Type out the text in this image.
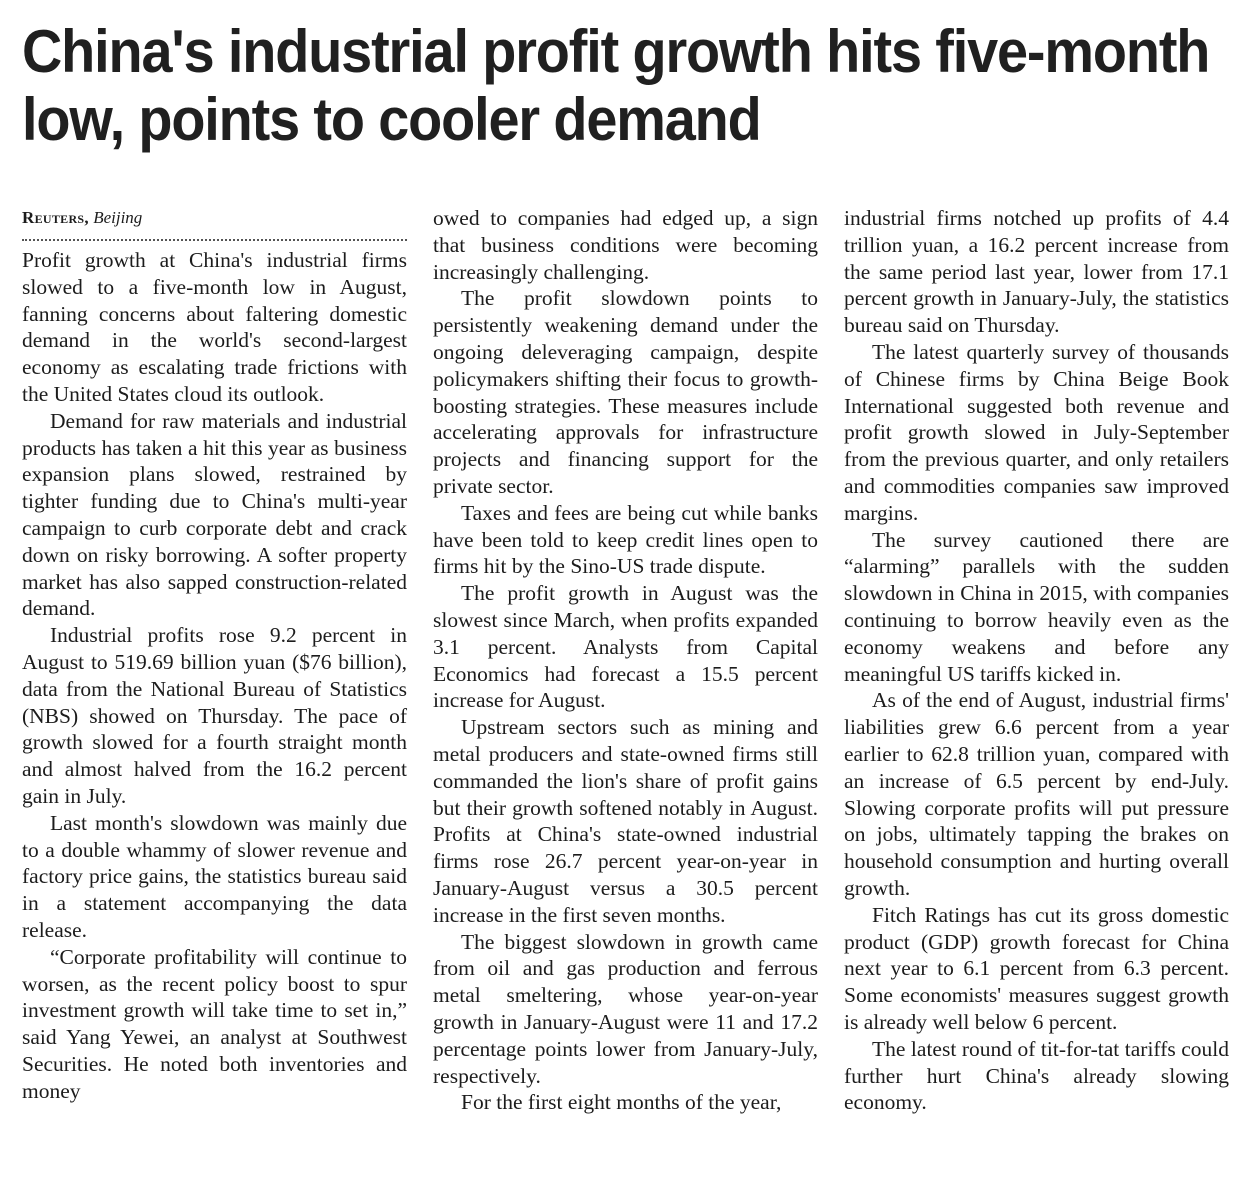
China's industrial profit growth hits five-month low, points to cooler demand
Reuters, Beijing

Profit growth at China's industrial firms slowed to a five-month low in August, fanning concerns about faltering domestic demand in the world's second-largest economy as escalating trade frictions with the United States cloud its outlook.

Demand for raw materials and industrial products has taken a hit this year as business expansion plans slowed, restrained by tighter funding due to China's multi-year campaign to curb corporate debt and crack down on risky borrowing. A softer property market has also sapped construction-related demand.

Industrial profits rose 9.2 percent in August to 519.69 billion yuan ($76 billion), data from the National Bureau of Statistics (NBS) showed on Thursday. The pace of growth slowed for a fourth straight month and almost halved from the 16.2 percent gain in July.

Last month's slowdown was mainly due to a double whammy of slower revenue and factory price gains, the statistics bureau said in a statement accompanying the data release.

“Corporate profitability will continue to worsen, as the recent policy boost to spur investment growth will take time to set in,” said Yang Yewei, an analyst at Southwest Securities. He noted both inventories and money

owed to companies had edged up, a sign that business conditions were becoming increasingly challenging.

The profit slowdown points to persistently weakening demand under the ongoing deleveraging campaign, despite policymakers shifting their focus to growth-boosting strategies. These measures include accelerating approvals for infrastructure projects and financing support for the private sector.

Taxes and fees are being cut while banks have been told to keep credit lines open to firms hit by the Sino-US trade dispute.

The profit growth in August was the slowest since March, when profits expanded 3.1 percent. Analysts from Capital Economics had forecast a 15.5 percent increase for August.

Upstream sectors such as mining and metal producers and state-owned firms still commanded the lion's share of profit gains but their growth softened notably in August. Profits at China's state-owned industrial firms rose 26.7 percent year-on-year in January-August versus a 30.5 percent increase in the first seven months.

The biggest slowdown in growth came from oil and gas production and ferrous metal smeltering, whose year-on-year growth in January-August were 11 and 17.2 percentage points lower from January-July, respectively.

For the first eight months of the year,

industrial firms notched up profits of 4.4 trillion yuan, a 16.2 percent increase from the same period last year, lower from 17.1 percent growth in January-July, the statistics bureau said on Thursday.

The latest quarterly survey of thousands of Chinese firms by China Beige Book International suggested both revenue and profit growth slowed in July-September from the previous quarter, and only retailers and commodities companies saw improved margins.

The survey cautioned there are “alarming” parallels with the sudden slowdown in China in 2015, with companies continuing to borrow heavily even as the economy weakens and before any meaningful US tariffs kicked in.

As of the end of August, industrial firms' liabilities grew 6.6 percent from a year earlier to 62.8 trillion yuan, compared with an increase of 6.5 percent by end-July. Slowing corporate profits will put pressure on jobs, ultimately tapping the brakes on household consumption and hurting overall growth.

Fitch Ratings has cut its gross domestic product (GDP) growth forecast for China next year to 6.1 percent from 6.3 percent. Some economists' measures suggest growth is already well below 6 percent.

The latest round of tit-for-tat tariffs could further hurt China's already slowing economy.
